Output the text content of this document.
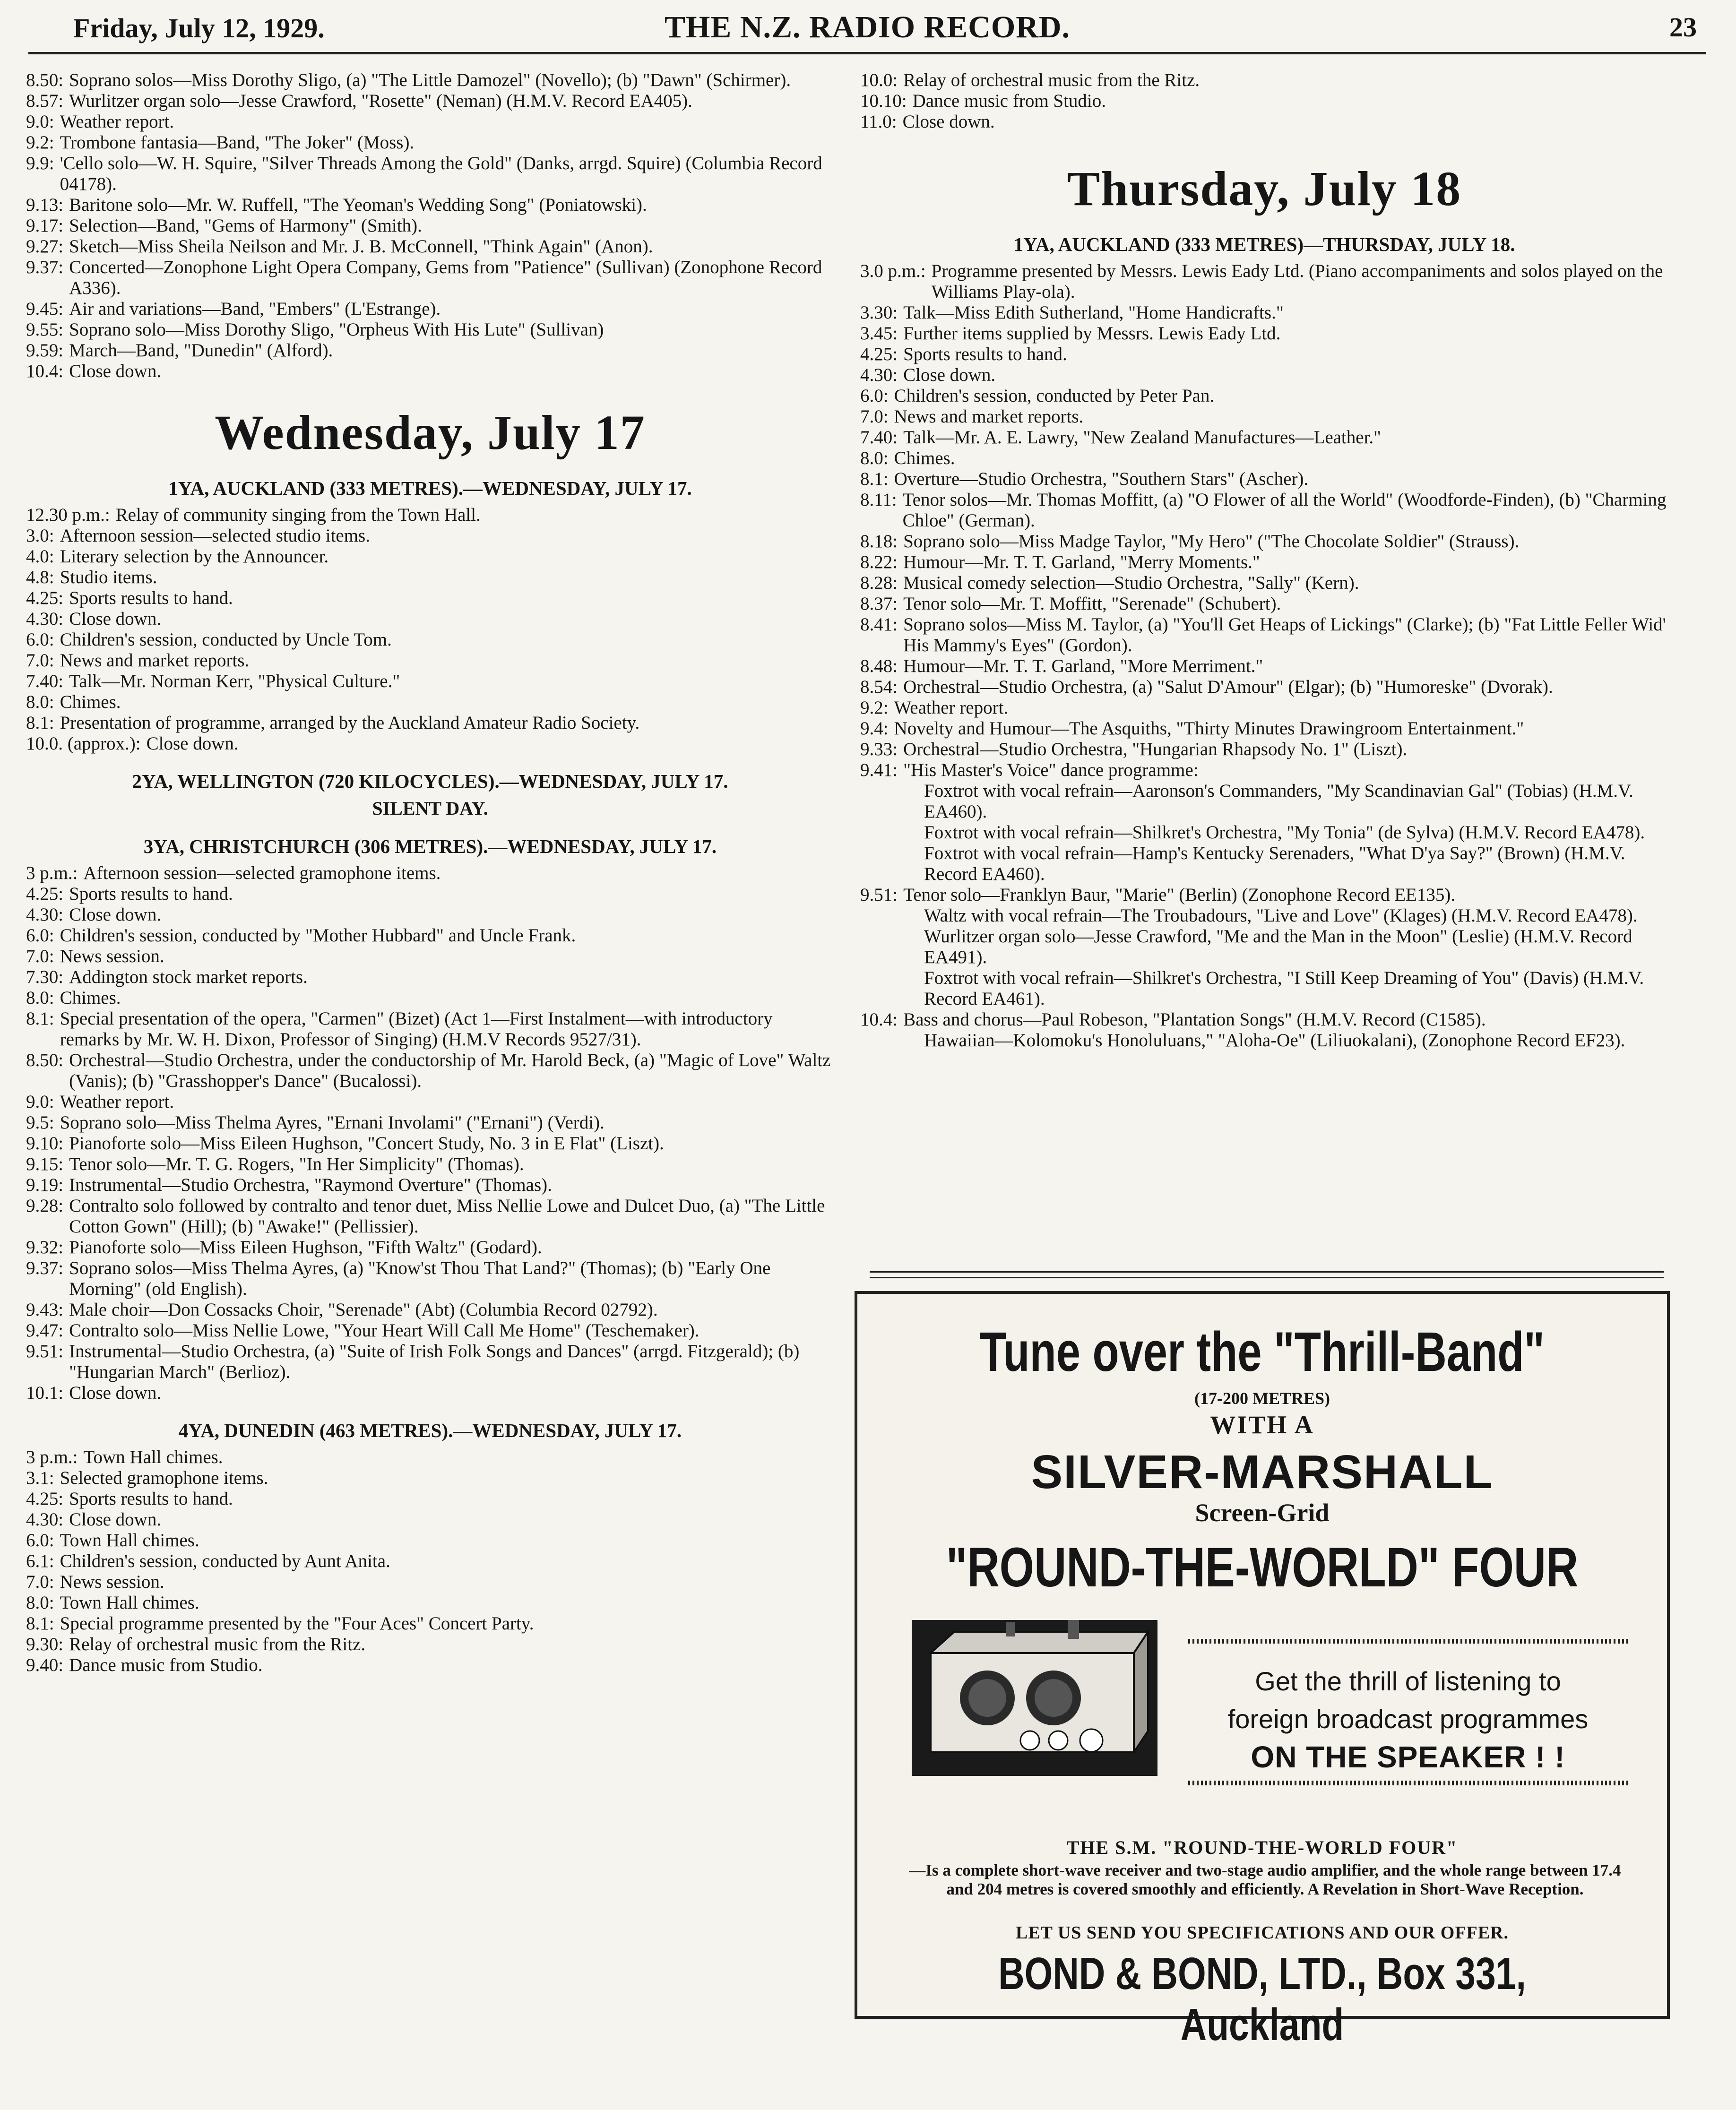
Friday, July 12, 1929.	THE N.Z. RADIO RECORD.	23
8.50: Soprano solos—Miss Dorothy Sligo, (a) "The Little Damozel" (Novello); (b) "Dawn" (Schirmer).
8.57: Wurlitzer organ solo—Jesse Crawford, "Rosette" (Neman) (H.M.V. Record EA405).
9.0: Weather report.
9.2: Trombone fantasia—Band, "The Joker" (Moss).
9.9: 'Cello solo—W. H. Squire, "Silver Threads Among the Gold" (Danks, arrgd. Squire) (Columbia Record 04178).
9.13: Baritone solo—Mr. W. Ruffell, "The Yeoman's Wedding Song" (Poniatowski).
9.17: Selection—Band, "Gems of Harmony" (Smith).
9.27: Sketch—Miss Sheila Neilson and Mr. J. B. McConnell, "Think Again" (Anon).
9.37: Concerted—Zonophone Light Opera Company, Gems from "Patience" (Sullivan) (Zonophone Record A336).
9.45: Air and variations—Band, "Embers" (L'Estrange).
9.55: Soprano solo—Miss Dorothy Sligo, "Orpheus With His Lute" (Sullivan)
9.59: March—Band, "Dunedin" (Alford).
10.4: Close down.
Wednesday, July 17
1YA, AUCKLAND (333 METRES).—WEDNESDAY, JULY 17.
12.30 p.m.: Relay of community singing from the Town Hall.
3.0: Afternoon session—selected studio items.
4.0: Literary selection by the Announcer.
4.8: Studio items.
4.25: Sports results to hand.
4.30: Close down.
6.0: Children's session, conducted by Uncle Tom.
7.0: News and market reports.
7.40: Talk—Mr. Norman Kerr, "Physical Culture."
8.0: Chimes.
8.1: Presentation of programme, arranged by the Auckland Amateur Radio Society.
10.0. (approx.): Close down.
2YA, WELLINGTON (720 KILOCYCLES).—WEDNESDAY, JULY 17.
SILENT DAY.
3YA, CHRISTCHURCH (306 METRES).—WEDNESDAY, JULY 17.
3 p.m.: Afternoon session—selected gramophone items.
4.25: Sports results to hand.
4.30: Close down.
6.0: Children's session, conducted by "Mother Hubbard" and Uncle Frank.
7.0: News session.
7.30: Addington stock market reports.
8.0: Chimes.
8.1: Special presentation of the opera, "Carmen" (Bizet) (Act 1—First Instalment—with introductory remarks by Mr. W. H. Dixon, Professor of Singing) (H.M.V Records 9527/31).
8.50: Orchestral—Studio Orchestra, under the conductorship of Mr. Harold Beck, (a) "Magic of Love" Waltz (Vanis); (b) "Grasshopper's Dance" (Bucalossi).
9.0: Weather report.
9.5: Soprano solo—Miss Thelma Ayres, "Ernani Involami" ("Ernani") (Verdi).
9.10: Pianoforte solo—Miss Eileen Hughson, "Concert Study, No. 3 in E Flat" (Liszt).
9.15: Tenor solo—Mr. T. G. Rogers, "In Her Simplicity" (Thomas).
9.19: Instrumental—Studio Orchestra, "Raymond Overture" (Thomas).
9.28: Contralto solo followed by contralto and tenor duet, Miss Nellie Lowe and Dulcet Duo, (a) "The Little Cotton Gown" (Hill); (b) "Awake!" (Pellissier).
9.32: Pianoforte solo—Miss Eileen Hughson, "Fifth Waltz" (Godard).
9.37: Soprano solos—Miss Thelma Ayres, (a) "Know'st Thou That Land?" (Thomas); (b) "Early One Morning" (old English).
9.43: Male choir—Don Cossacks Choir, "Serenade" (Abt) (Columbia Record 02792).
9.47: Contralto solo—Miss Nellie Lowe, "Your Heart Will Call Me Home" (Teschemaker).
9.51: Instrumental—Studio Orchestra, (a) "Suite of Irish Folk Songs and Dances" (arrgd. Fitzgerald); (b) "Hungarian March" (Berlioz).
10.1: Close down.
4YA, DUNEDIN (463 METRES).—WEDNESDAY, JULY 17.
3 p.m.: Town Hall chimes.
3.1: Selected gramophone items.
4.25: Sports results to hand.
4.30: Close down.
6.0: Town Hall chimes.
6.1: Children's session, conducted by Aunt Anita.
7.0: News session.
8.0: Town Hall chimes.
8.1: Special programme presented by the "Four Aces" Concert Party.
9.30: Relay of orchestral music from the Ritz.
9.40: Dance music from Studio.
10.0: Relay of orchestral music from the Ritz.
10.10: Dance music from Studio.
11.0: Close down.
Thursday, July 18
1YA, AUCKLAND (333 METRES)—THURSDAY, JULY 18.
3.0 p.m.: Programme presented by Messrs. Lewis Eady Ltd. (Piano accompaniments and solos played on the Williams Play-ola).
3.30: Talk—Miss Edith Sutherland, "Home Handicrafts."
3.45: Further items supplied by Messrs. Lewis Eady Ltd.
4.25: Sports results to hand.
4.30: Close down.
6.0: Children's session, conducted by Peter Pan.
7.0: News and market reports.
7.40: Talk—Mr. A. E. Lawry, "New Zealand Manufactures—Leather."
8.0: Chimes.
8.1: Overture—Studio Orchestra, "Southern Stars" (Ascher).
8.11: Tenor solos—Mr. Thomas Moffitt, (a) "O Flower of all the World" (Woodforde-Finden), (b) "Charming Chloe" (German).
8.18: Soprano solo—Miss Madge Taylor, "My Hero" ("The Chocolate Soldier" (Strauss).
8.22: Humour—Mr. T. T. Garland, "Merry Moments."
8.28: Musical comedy selection—Studio Orchestra, "Sally" (Kern).
8.37: Tenor solo—Mr. T. Moffitt, "Serenade" (Schubert).
8.41: Soprano solos—Miss M. Taylor, (a) "You'll Get Heaps of Lickings" (Clarke); (b) "Fat Little Feller Wid' His Mammy's Eyes" (Gordon).
8.48: Humour—Mr. T. T. Garland, "More Merriment."
8.54: Orchestral—Studio Orchestra, (a) "Salut D'Amour" (Elgar); (b) "Humoreske" (Dvorak).
9.2: Weather report.
9.4: Novelty and Humour—The Asquiths, "Thirty Minutes Drawingroom Entertainment."
9.33: Orchestral—Studio Orchestra, "Hungarian Rhapsody No. 1" (Liszt).
9.41: "His Master's Voice" dance programme:
Foxtrot with vocal refrain—Aaronson's Commanders, "My Scandinavian Gal" (Tobias) (H.M.V. EA460).
Foxtrot with vocal refrain—Shilkret's Orchestra, "My Tonia" (de Sylva) (H.M.V. Record EA478).
Foxtrot with vocal refrain—Hamp's Kentucky Serenaders, "What D'ya Say?" (Brown) (H.M.V. Record EA460).
9.51: Tenor solo—Franklyn Baur, "Marie" (Berlin) (Zonophone Record EE135).
Waltz with vocal refrain—The Troubadours, "Live and Love" (Klages) (H.M.V. Record EA478).
Wurlitzer organ solo—Jesse Crawford, "Me and the Man in the Moon" (Leslie) (H.M.V. Record EA491).
Foxtrot with vocal refrain—Shilkret's Orchestra, "I Still Keep Dreaming of You" (Davis) (H.M.V. Record EA461).
10.4: Bass and chorus—Paul Robeson, "Plantation Songs" (H.M.V. Record (C1585).
Hawaiian—Kolomoku's Honoluluans," "Aloha-Oe" (Liliuokalani), (Zonophone Record EF23).
Tune over the "Thrill-Band"
(17-200 METRES)
WITH A
SILVER-MARSHALL
Screen-Grid
"ROUND-THE-WORLD" FOUR
Get the thrill of listening to
foreign broadcast programmes
ON THE SPEAKER ! !
THE S.M. "ROUND-THE-WORLD FOUR"
—Is a complete short-wave receiver and two-stage audio amplifier, and the whole range between 17.4 and 204 metres is covered smoothly and efficiently. A Revelation in Short-Wave Reception.
LET US SEND YOU SPECIFICATIONS AND OUR OFFER.
BOND & BOND, LTD., Box 331, Auckland
